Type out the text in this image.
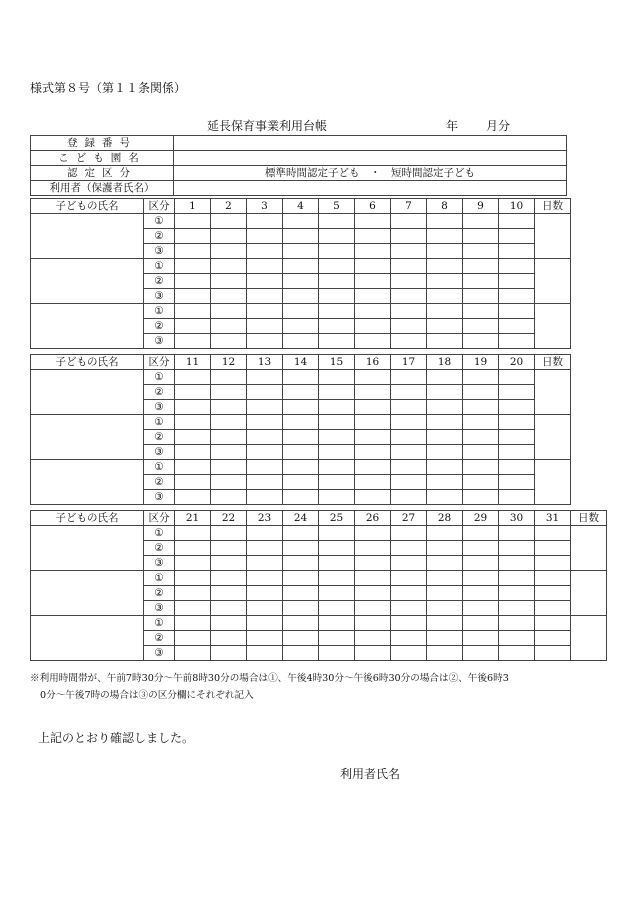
様式第８号（第１１条関係）
延長保育事業利用台帳	年 月分
登録番号	
こども園名	
認定区分	標準時間認定子ども　・　短時間認定子ども
利用者（保護者氏名）	
子どもの氏名	区分	1	2	3	4	5	6	7	8	9	10	日数
	①											
	②											
	③											
	①											
	②											
	③											
	①											
	②											
	③											
子どもの氏名	区分	11	12	13	14	15	16	17	18	19	20	日数
	①											
	②											
	③											
	①											
	②											
	③											
	①											
	②											
	③											
子どもの氏名	区分	21	22	23	24	25	26	27	28	29	30	31	日数
	①												
	②												
	③												
	①												
	②												
	③												
	①												
	②												
	③												
※利用時間帯が、午前7時30分～午前8時30分の場合は①、午後4時30分～午後6時30分の場合は②、午後6時3
0分～午後7時の場合は③の区分欄にそれぞれ記入
上記のとおり確認しました。
利用者氏名
